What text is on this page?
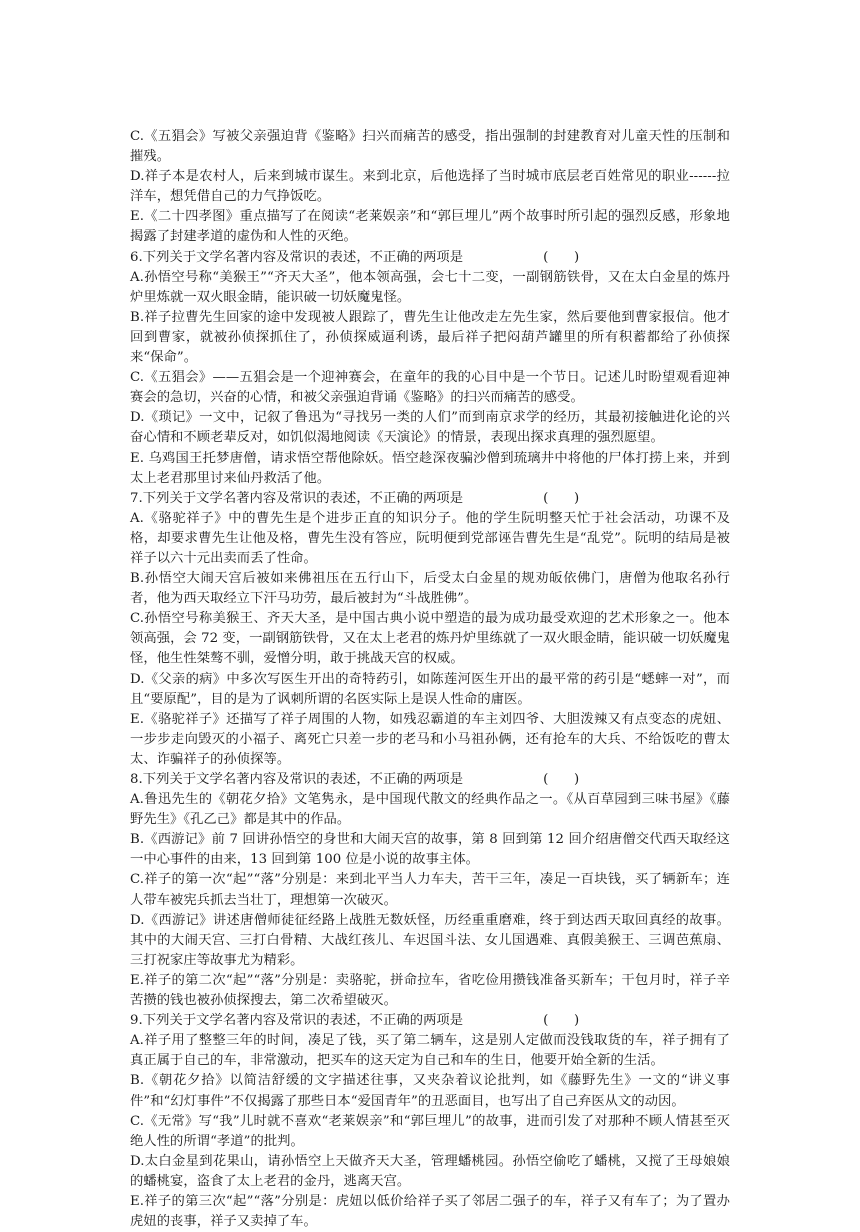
C.《五猖会》写被父亲强迫背《鉴略》扫兴而痛苦的感受，指出强制的封建教育对儿童天性的压制和摧残。

D.祥子本是农村人，后来到城市谋生。来到北京，后他选择了当时城市底层老百姓常见的职业------拉洋车，想凭借自己的力气挣饭吃。

E.《二十四孝图》重点描写了在阅读“老莱娱亲”和“郭巨埋儿”两个故事时所引起的强烈反感，形象地揭露了封建孝道的虚伪和人性的灭绝。

6.下列关于文学名著内容及常识的表述，不正确的两项是	(      )

A.孙悟空号称“美猴王”“齐天大圣”，他本领高强，会七十二变，一副钢筋铁骨，又在太白金星的炼丹炉里炼就一双火眼金睛，能识破一切妖魔鬼怪。

B.祥子拉曹先生回家的途中发现被人跟踪了，曹先生让他改走左先生家，然后要他到曹家报信。他才回到曹家，就被孙侦探抓住了，孙侦探威逼利诱，最后祥子把闷葫芦罐里的所有积蓄都给了孙侦探来“保命”。

C.《五猖会》——五猖会是一个迎神赛会，在童年的我的心目中是一个节日。记述儿时盼望观看迎神赛会的急切，兴奋的心情，和被父亲强迫背诵《鉴略》的扫兴而痛苦的感受。

D.《琐记》一文中，记叙了鲁迅为“寻找另一类的人们”而到南京求学的经历，其最初接触进化论的兴奋心情和不顾老辈反对，如饥似渴地阅读《天演论》的情景，表现出探求真理的强烈愿望。

E. 乌鸡国王托梦唐僧，请求悟空帮他除妖。悟空趁深夜骗沙僧到琉璃井中将他的尸体打捞上来，并到太上老君那里讨来仙丹救活了他。

7.下列关于文学名著内容及常识的表述，不正确的两项是	(      )

A.《骆驼祥子》中的曹先生是个进步正直的知识分子。他的学生阮明整天忙于社会活动，功课不及格，却要求曹先生让他及格，曹先生没有答应，阮明便到党部诬告曹先生是“乱党”。阮明的结局是被祥子以六十元出卖而丢了性命。

B.孙悟空大闹天宫后被如来佛祖压在五行山下，后受太白金星的规劝皈依佛门，唐僧为他取名孙行者，他为西天取经立下汗马功劳，最后被封为“斗战胜佛”。

C.孙悟空号称美猴王、齐天大圣，是中国古典小说中塑造的最为成功最受欢迎的艺术形象之一。他本领高强，会 72 变，一副钢筋铁骨，又在太上老君的炼丹炉里练就了一双火眼金睛，能识破一切妖魔鬼怪，他生性桀骜不驯，爱憎分明，敢于挑战天宫的权威。

D.《父亲的病》中多次写医生开出的奇特药引，如陈莲河医生开出的最平常的药引是“蟋蟀一对”，而且“要原配”，目的是为了讽刺所谓的名医实际上是误人性命的庸医。

E.《骆驼祥子》还描写了祥子周围的人物，如残忍霸道的车主刘四爷、大胆泼辣又有点变态的虎妞、一步步走向毁灭的小福子、离死亡只差一步的老马和小马祖孙俩，还有抢车的大兵、不给饭吃的曹太太、诈骗祥子的孙侦探等。

8.下列关于文学名著内容及常识的表述，不正确的两项是	(      )

A.鲁迅先生的《朝花夕拾》文笔隽永，是中国现代散文的经典作品之一。《从百草园到三味书屋》《藤野先生》《孔乙己》都是其中的作品。

B.《西游记》前 7 回讲孙悟空的身世和大闹天宫的故事，第 8 回到第 12 回介绍唐僧交代西天取经这一中心事件的由来，13 回到第 100 位是小说的故事主体。

C.祥子的第一次“起”“落”分别是：来到北平当人力车夫，苦干三年，凑足一百块钱，买了辆新车；连人带车被宪兵抓去当壮丁，理想第一次破灭。

D.《西游记》讲述唐僧师徒征经路上战胜无数妖怪，历经重重磨难，终于到达西天取回真经的故事。其中的大闹天宫、三打白骨精、大战红孩儿、车迟国斗法、女儿国遇难、真假美猴王、三调芭蕉扇、三打祝家庄等故事尤为精彩。

E.祥子的第二次“起”“落”分别是：卖骆驼，拼命拉车，省吃俭用攒钱准备买新车；干包月时，祥子辛苦攒的钱也被孙侦探搜去，第二次希望破灭。

9.下列关于文学名著内容及常识的表述，不正确的两项是	(      )

A.祥子用了整整三年的时间，凑足了钱，买了第二辆车，这是别人定做而没钱取货的车，祥子拥有了真正属于自己的车，非常激动，把买车的这天定为自己和车的生日，他要开始全新的生活。

B.《朝花夕拾》以简洁舒缓的文字描述往事，又夹杂着议论批判，如《藤野先生》一文的“讲义事件”和“幻灯事件”不仅揭露了那些日本“爱国青年”的丑恶面目，也写出了自己弃医从文的动因。

C.《无常》写“我”儿时就不喜欢“老莱娱亲”和“郭巨埋儿”的故事，进而引发了对那种不顾人情甚至灭绝人性的所谓“孝道”的批判。

D.太白金星到花果山，请孙悟空上天做齐天大圣，管理蟠桃园。孙悟空偷吃了蟠桃，又搅了王母娘娘的蟠桃宴，盗食了太上老君的金丹，逃离天宫。

E.祥子的第三次“起”“落”分别是：虎妞以低价给祥子买了邻居二强子的车，祥子又有车了；为了置办虎妞的丧事，祥子又卖掉了车。
